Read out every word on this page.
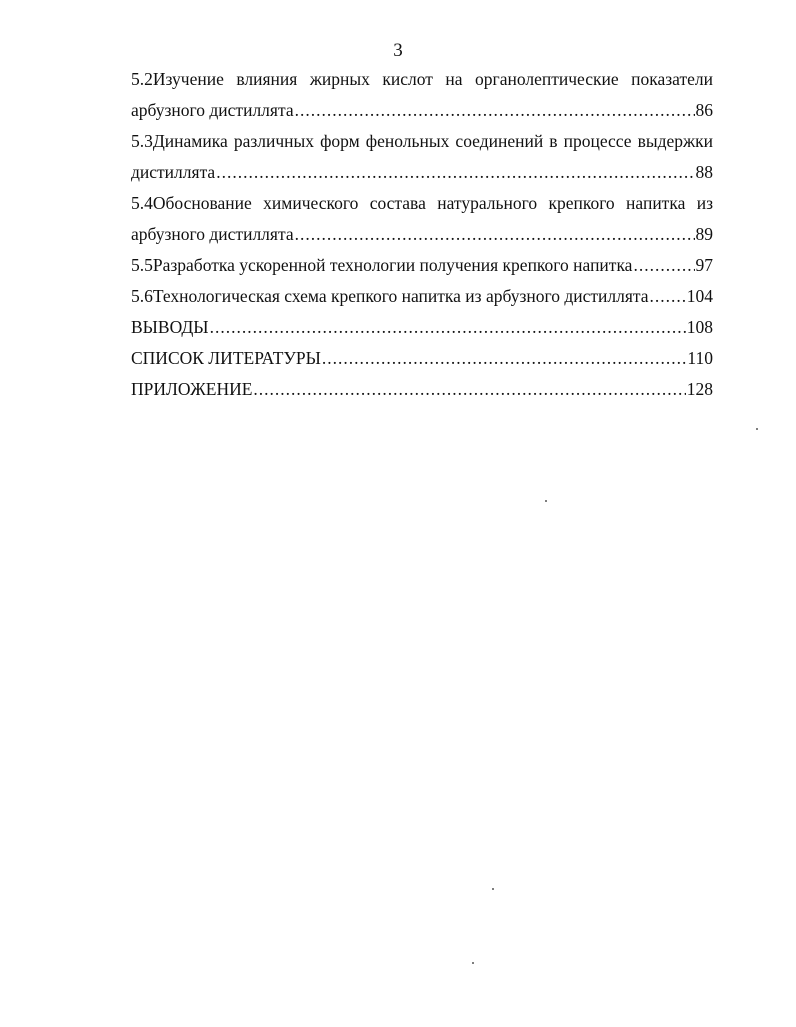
3
5.2Изучение влияния жирных кислот на органолептические показатели
арбузного дистиллята .....	86
5.3Динамика различных форм фенольных соединений в процессе выдержки
дистиллята .....	88
5.4Обоснование химического состава натурального крепкого напитка из
арбузного дистиллята .....	89
5.5Разработка ускоренной технологии получения крепкого напитка .....	97
5.6Технологическая схема крепкого напитка из арбузного дистиллята ..... 104
ВЫВОДЫ .....	108
СПИСОК ЛИТЕРАТУРЫ .....	110
ПРИЛОЖЕНИЕ .....	128
